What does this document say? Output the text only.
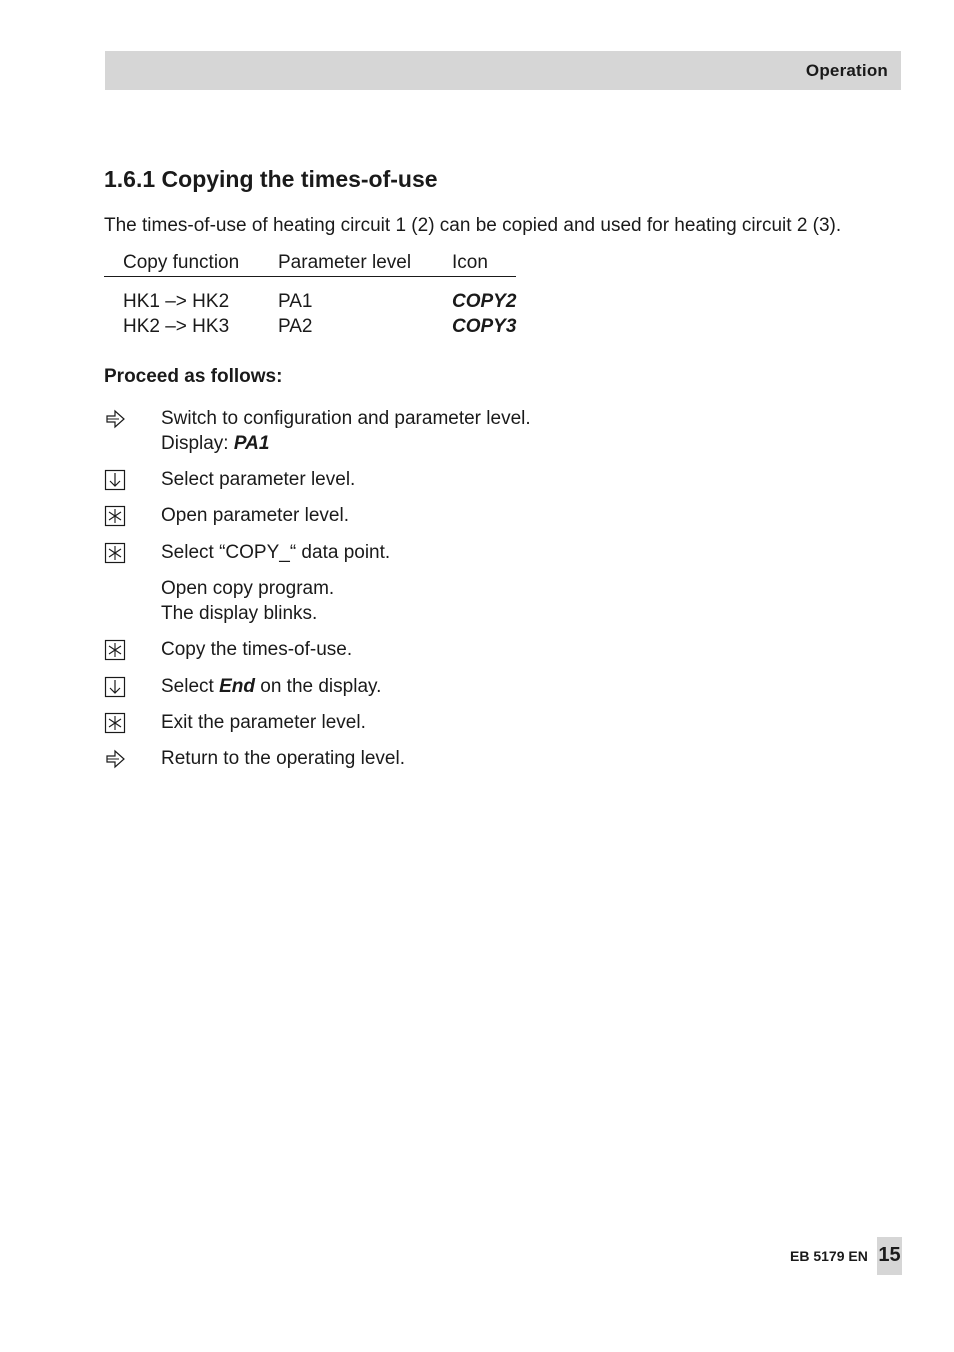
Operation
1.6.1 Copying the times-of-use

The times-of-use of heating circuit 1 (2) can be copied and used for heating circuit 2 (3).

Copy function	Parameter level	Icon
HK1 –> HK2	PA1	COPY2
HK2 –> HK3	PA2	COPY3

Proceed as follows:

Switch to configuration and parameter level.
Display: PA1
Select parameter level.
Open parameter level.
Select “COPY_“ data point.
Open copy program.
The display blinks.
Copy the times-of-use.
Select End on the display.
Exit the parameter level.
Return to the operating level.
EB 5179 EN 15
